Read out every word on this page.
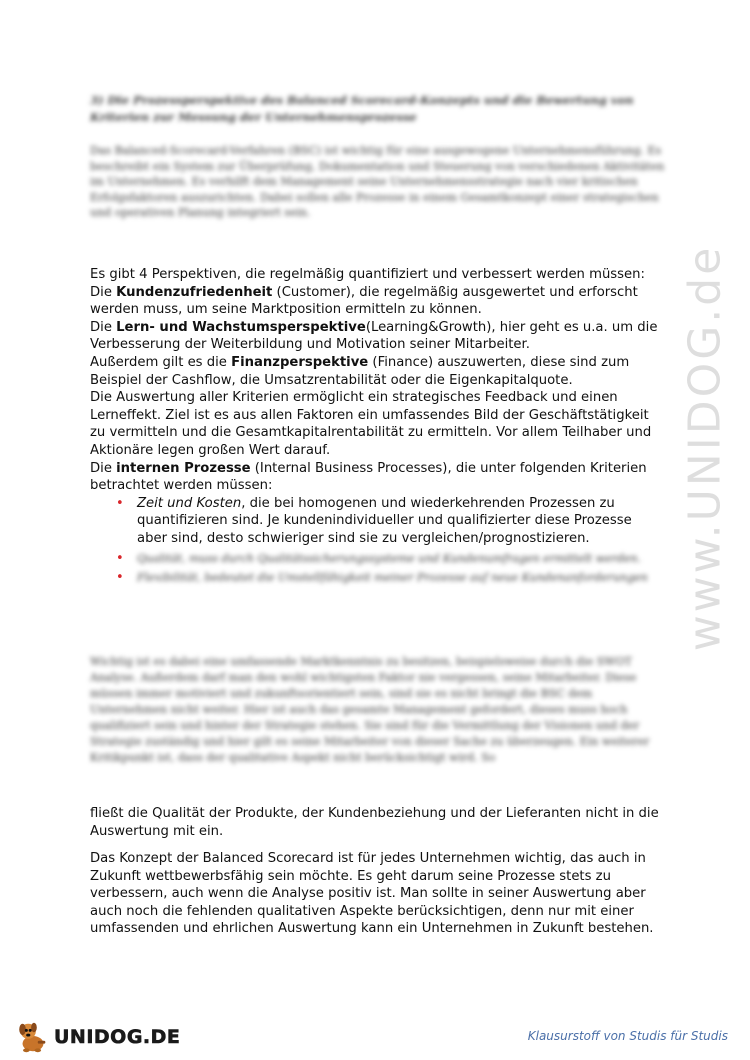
3) Die Prozessperspektive des Balanced Scorecard-Konzepts und die Bewertung von Kriterien zur Messung der Unternehmensprozesse
Das Balanced-Scorecard-Verfahren (BSC) ist wichtig für eine ausgewogene Unternehmensführung. Es beschreibt ein System zur Überprüfung, Dokumentation und Steuerung von verschiedenen Aktivitäten im Unternehmen. Es verhilft dem Management seine Unternehmensstrategie nach vier kritischen Erfolgsfaktoren auszurichten. Dabei sollen alle Prozesse in einem Gesamtkonzept einer strategischen und operativen Planung integriert sein.

Es gibt 4 Perspektiven, die regelmäßig quantifiziert und verbessert werden müssen:

Die Kundenzufriedenheit (Customer), die regelmäßig ausgewertet und erforscht werden muss, um seine Marktposition ermitteln zu können.

Die Lern- und Wachstumsperspektive(Learning&Growth), hier geht es u.a. um die Verbesserung der Weiterbildung und Motivation seiner Mitarbeiter.

Außerdem gilt es die Finanzperspektive (Finance) auszuwerten, diese sind zum Beispiel der Cashflow, die Umsatzrentabilität oder die Eigenkapitalquote.

Die Auswertung aller Kriterien ermöglicht ein strategisches Feedback und einen Lerneffekt. Ziel ist es aus allen Faktoren ein umfassendes Bild der Geschäftstätigkeit zu vermitteln und die Gesamtkapitalrentabilität zu ermitteln. Vor allem Teilhaber und Aktionäre legen großen Wert darauf.

Die internen Prozesse (Internal Business Processes), die unter folgenden Kriterien betrachtet werden müssen:

• Zeit und Kosten, die bei homogenen und wiederkehrenden Prozessen zu quantifizieren sind. Je kundenindividueller und qualifizierter diese Prozesse aber sind, desto schwieriger sind sie zu vergleichen/prognostizieren.
• Qualität, muss durch Qualitätssicherungssysteme und Kundenumfragen ermittelt werden.
• Flexibilität, bedeutet die Umstellfähigkeit meiner Prozesse auf neue Kundenanforderungen
Wichtig ist es dabei eine umfassende Marktkenntnis zu besitzen, beispielsweise durch die SWOT Analyse. Außerdem darf man den wohl wichtigsten Faktor nie vergessen, seine Mitarbeiter. Diese müssen immer motiviert und zukunftsorientiert sein, sind sie es nicht bringt die BSC dem Unternehmen nicht weiter. Hier ist auch das gesamte Management gefordert, dieses muss hoch qualifiziert sein und hinter der Strategie stehen. Sie sind für die Vermittlung der Visionen und der Strategie zuständig und hier gilt es seine Mitarbeiter von dieser Sache zu überzeugen. Ein weiterer Kritikpunkt ist, dass der qualitative Aspekt nicht berücksichtigt wird. So

fließt die Qualität der Produkte, der Kundenbeziehung und der Lieferanten nicht in die Auswertung mit ein.

Das Konzept der Balanced Scorecard ist für jedes Unternehmen wichtig, das auch in Zukunft wettbewerbsfähig sein möchte. Es geht darum seine Prozesse stets zu verbessern, auch wenn die Analyse positiv ist. Man sollte in seiner Auswertung aber auch noch die fehlenden qualitativen Aspekte berücksichtigen, denn nur mit einer umfassenden und ehrlichen Auswertung kann ein Unternehmen in Zukunft bestehen.

www.UNIDOG.de
UNIDOG.DE	Klausurstoff von Studis für Studis
